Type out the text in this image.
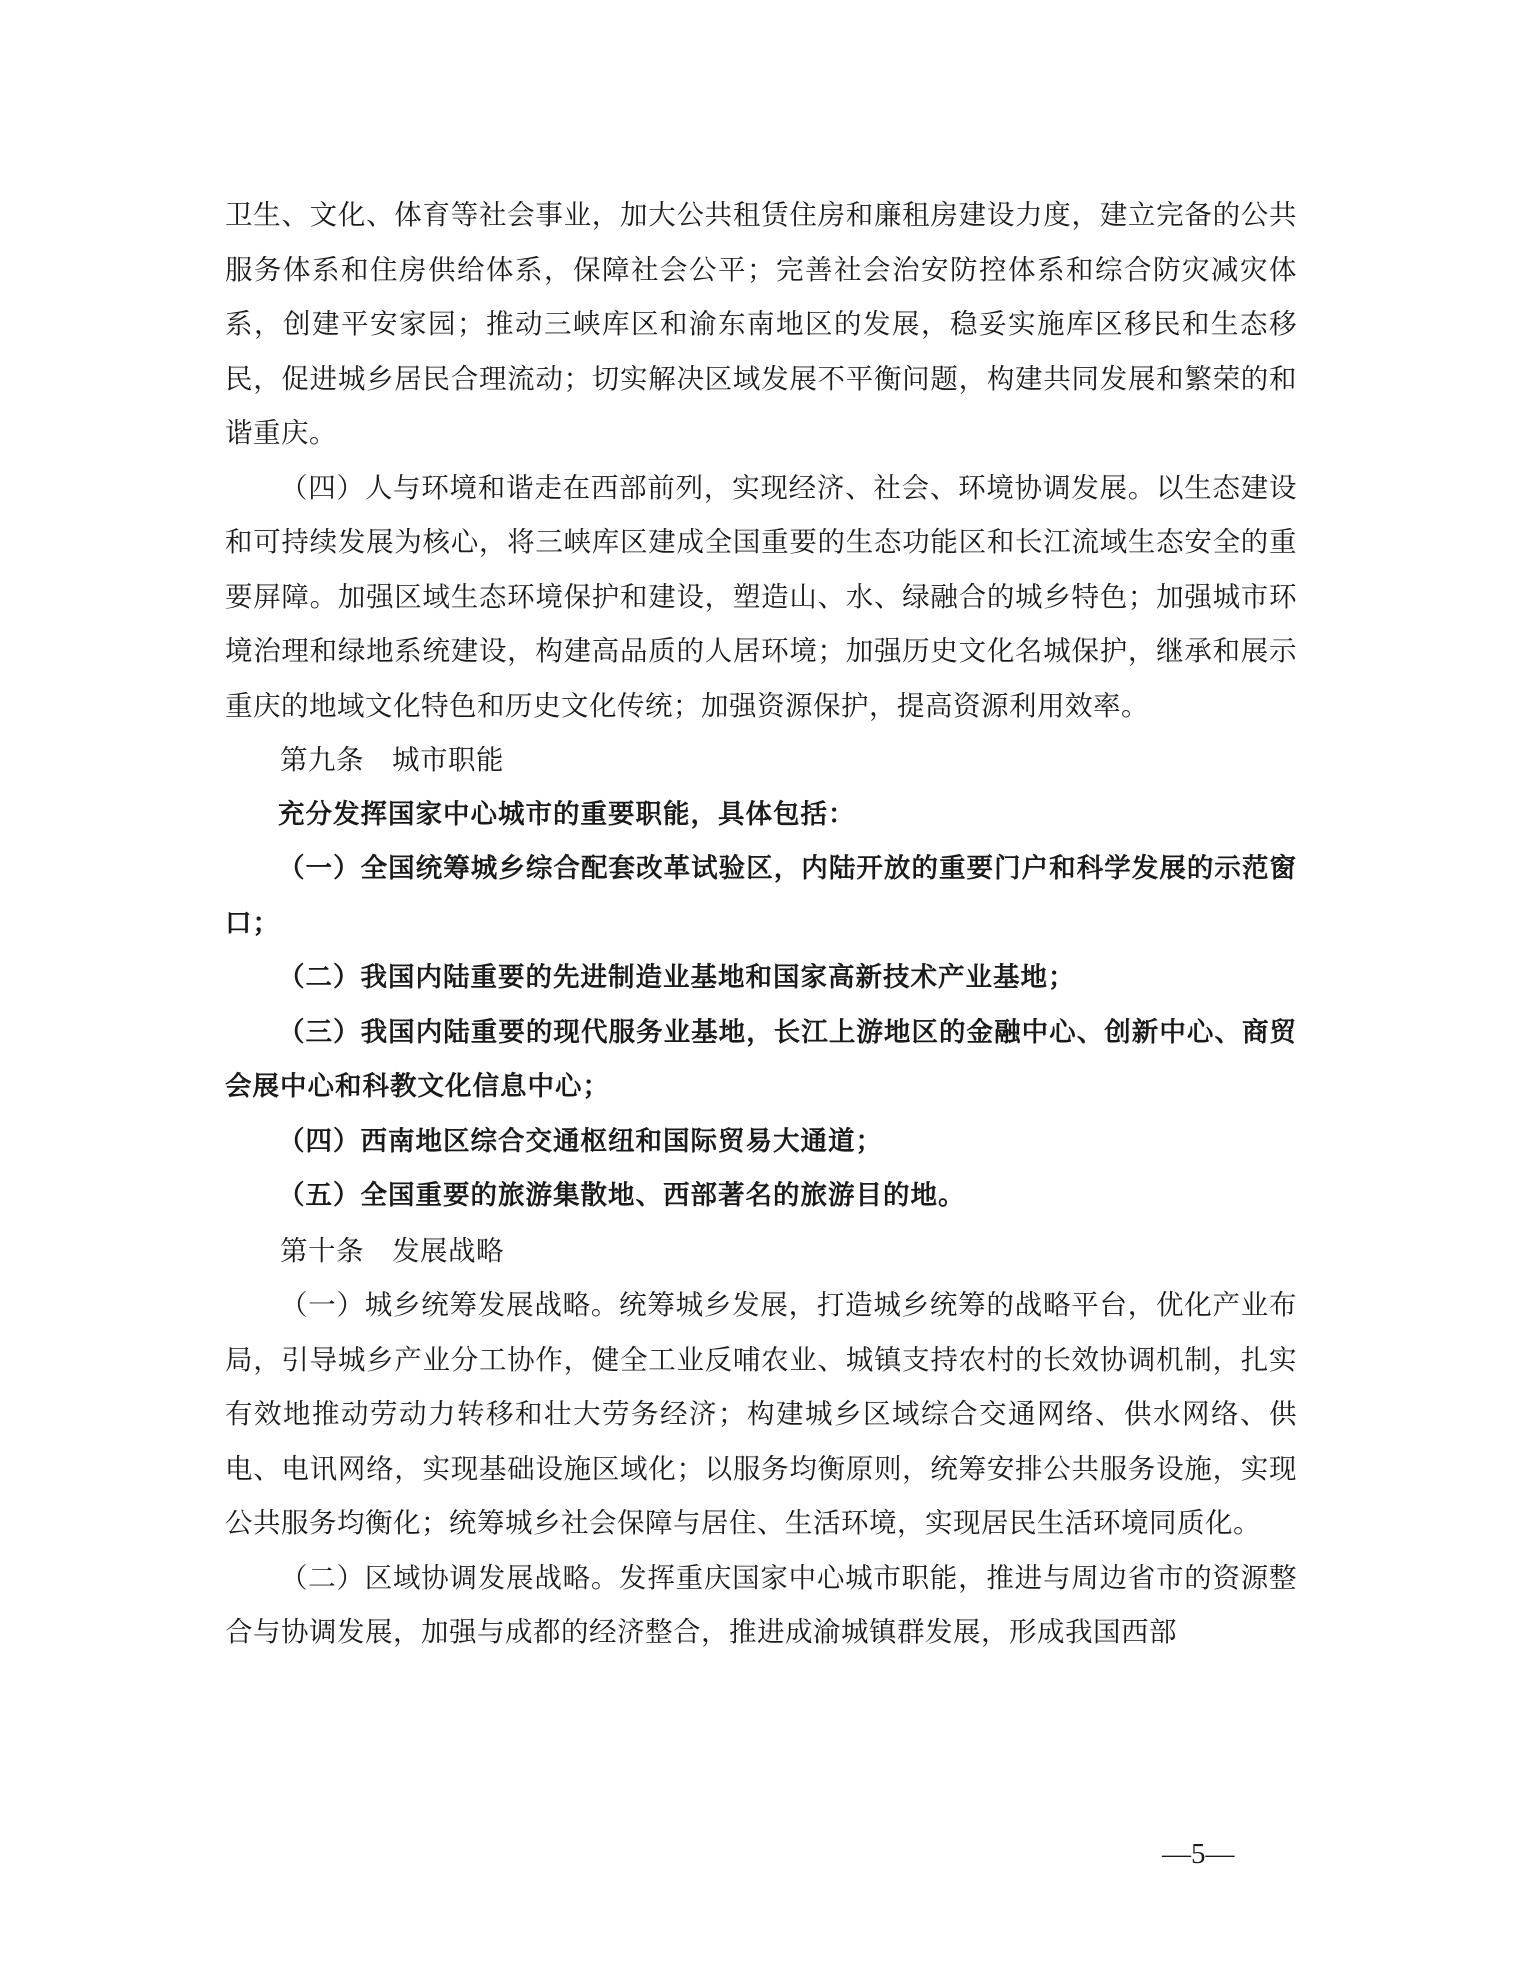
卫生、文化、体育等社会事业，加大公共租赁住房和廉租房建设力度，建立完备的公共服务体系和住房供给体系，保障社会公平；完善社会治安防控体系和综合防灾减灾体系，创建平安家园；推动三峡库区和渝东南地区的发展，稳妥实施库区移民和生态移民，促进城乡居民合理流动；切实解决区域发展不平衡问题，构建共同发展和繁荣的和谐重庆。

（四）人与环境和谐走在西部前列，实现经济、社会、环境协调发展。以生态建设和可持续发展为核心，将三峡库区建成全国重要的生态功能区和长江流域生态安全的重要屏障。加强区域生态环境保护和建设，塑造山、水、绿融合的城乡特色；加强城市环境治理和绿地系统建设，构建高品质的人居环境；加强历史文化名城保护，继承和展示重庆的地域文化特色和历史文化传统；加强资源保护，提高资源利用效率。

第九条　城市职能

充分发挥国家中心城市的重要职能，具体包括：

（一）全国统筹城乡综合配套改革试验区，内陆开放的重要门户和科学发展的示范窗口；

（二）我国内陆重要的先进制造业基地和国家高新技术产业基地；

（三）我国内陆重要的现代服务业基地，长江上游地区的金融中心、创新中心、商贸会展中心和科教文化信息中心；

（四）西南地区综合交通枢纽和国际贸易大通道；

（五）全国重要的旅游集散地、西部著名的旅游目的地。

第十条　发展战略

（一）城乡统筹发展战略。统筹城乡发展，打造城乡统筹的战略平台，优化产业布局，引导城乡产业分工协作，健全工业反哺农业、城镇支持农村的长效协调机制，扎实有效地推动劳动力转移和壮大劳务经济；构建城乡区域综合交通网络、供水网络、供电、电讯网络，实现基础设施区域化；以服务均衡原则，统筹安排公共服务设施，实现公共服务均衡化；统筹城乡社会保障与居住、生活环境，实现居民生活环境同质化。

（二）区域协调发展战略。发挥重庆国家中心城市职能，推进与周边省市的资源整合与协调发展，加强与成都的经济整合，推进成渝城镇群发展，形成我国西部

—5—
